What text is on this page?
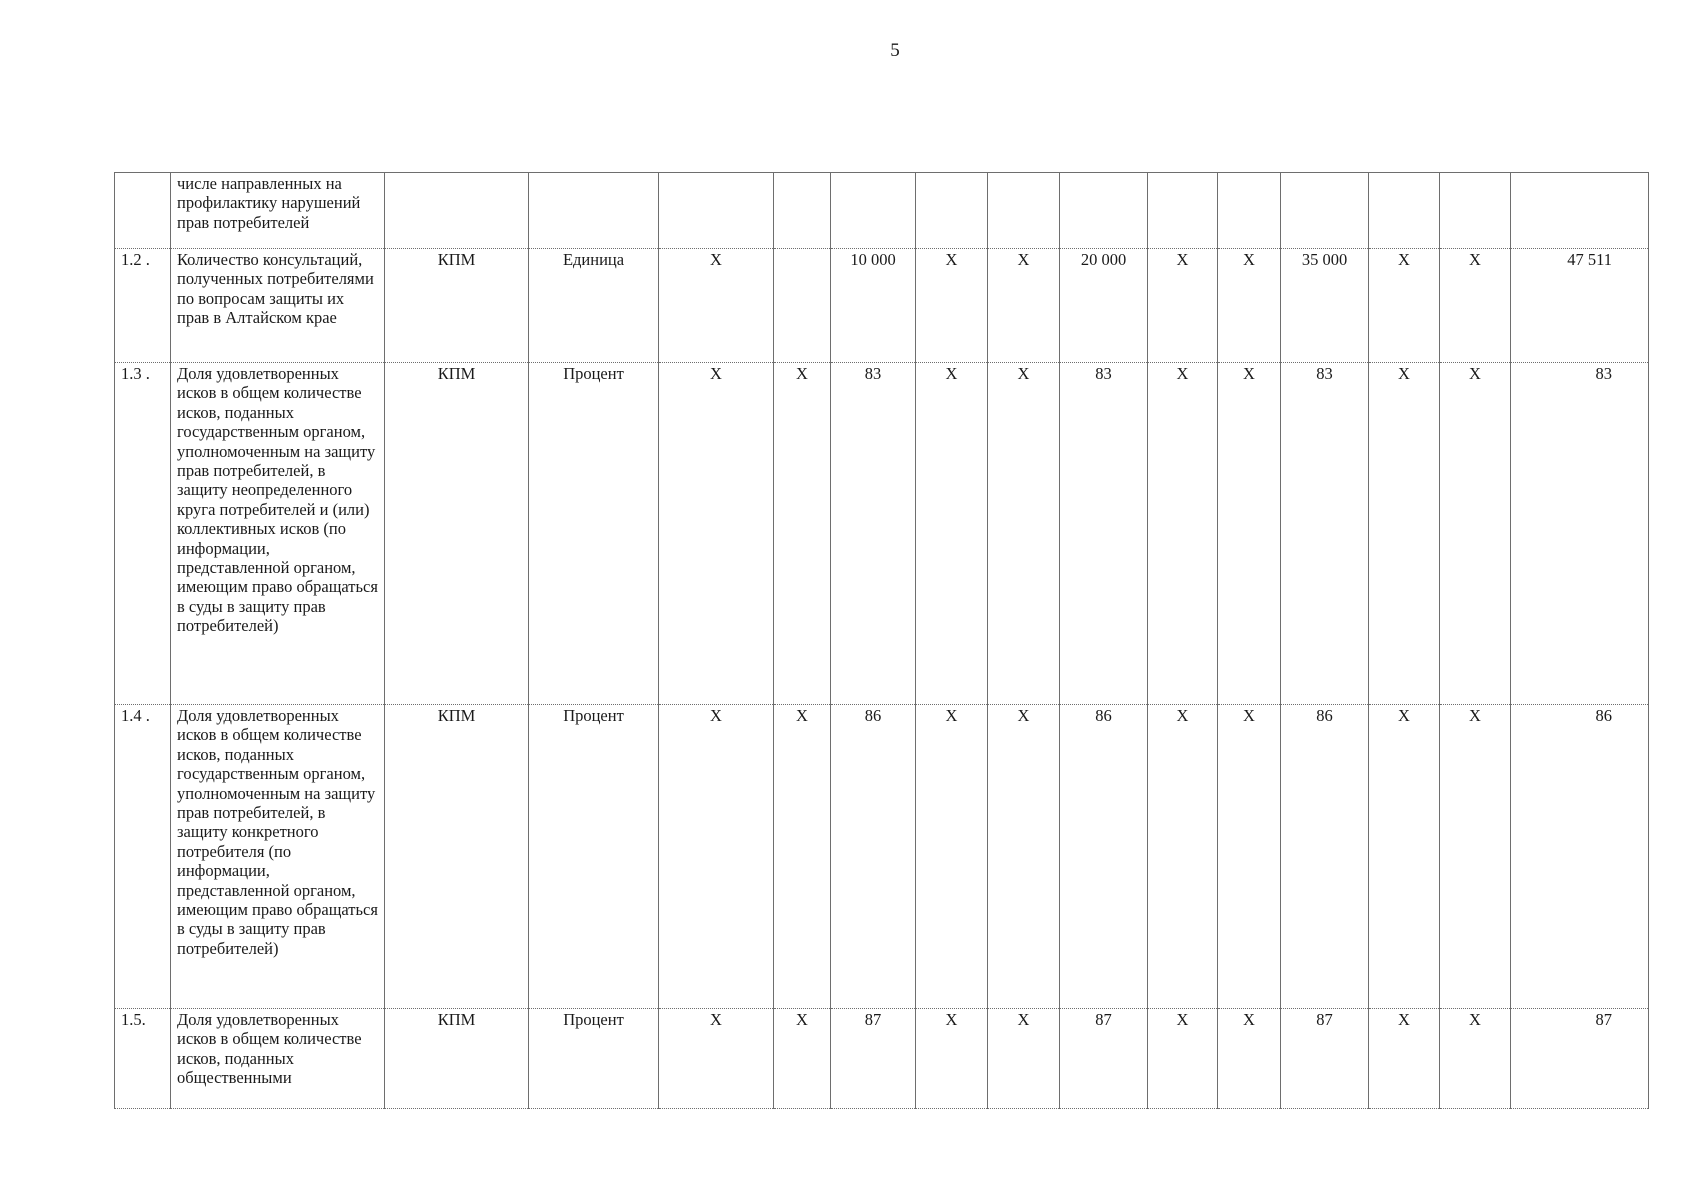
5
	числе направленных на профилактику нарушений прав потребителей														
1.2 .	Количество консультаций, полученных потребителями по вопросам защиты их прав в Алтайском крае	КПМ	Единица	X		10 000	X	X	20 000	X	X	35 000	X	X	47 511
1.3 .	Доля удовлетворенных исков в общем количестве исков, поданных государственным органом, уполномоченным на защиту прав потребителей, в защиту неопределенного круга потребителей и (или) коллективных исков (по информации, представленной органом, имеющим право обращаться в суды в защиту прав потребителей)	КПМ	Процент	X	X	83	X	X	83	X	X	83	X	X	83
1.4 .	Доля удовлетворенных исков в общем количестве исков, поданных государственным органом, уполномоченным на защиту прав потребителей, в защиту конкретного потребителя (по информации, представленной органом, имеющим право обращаться в суды в защиту прав потребителей)	КПМ	Процент	X	X	86	X	X	86	X	X	86	X	X	86
1.5.	Доля удовлетворенных исков в общем количестве исков, поданных общественными	КПМ	Процент	X	X	87	X	X	87	X	X	87	X	X	87
